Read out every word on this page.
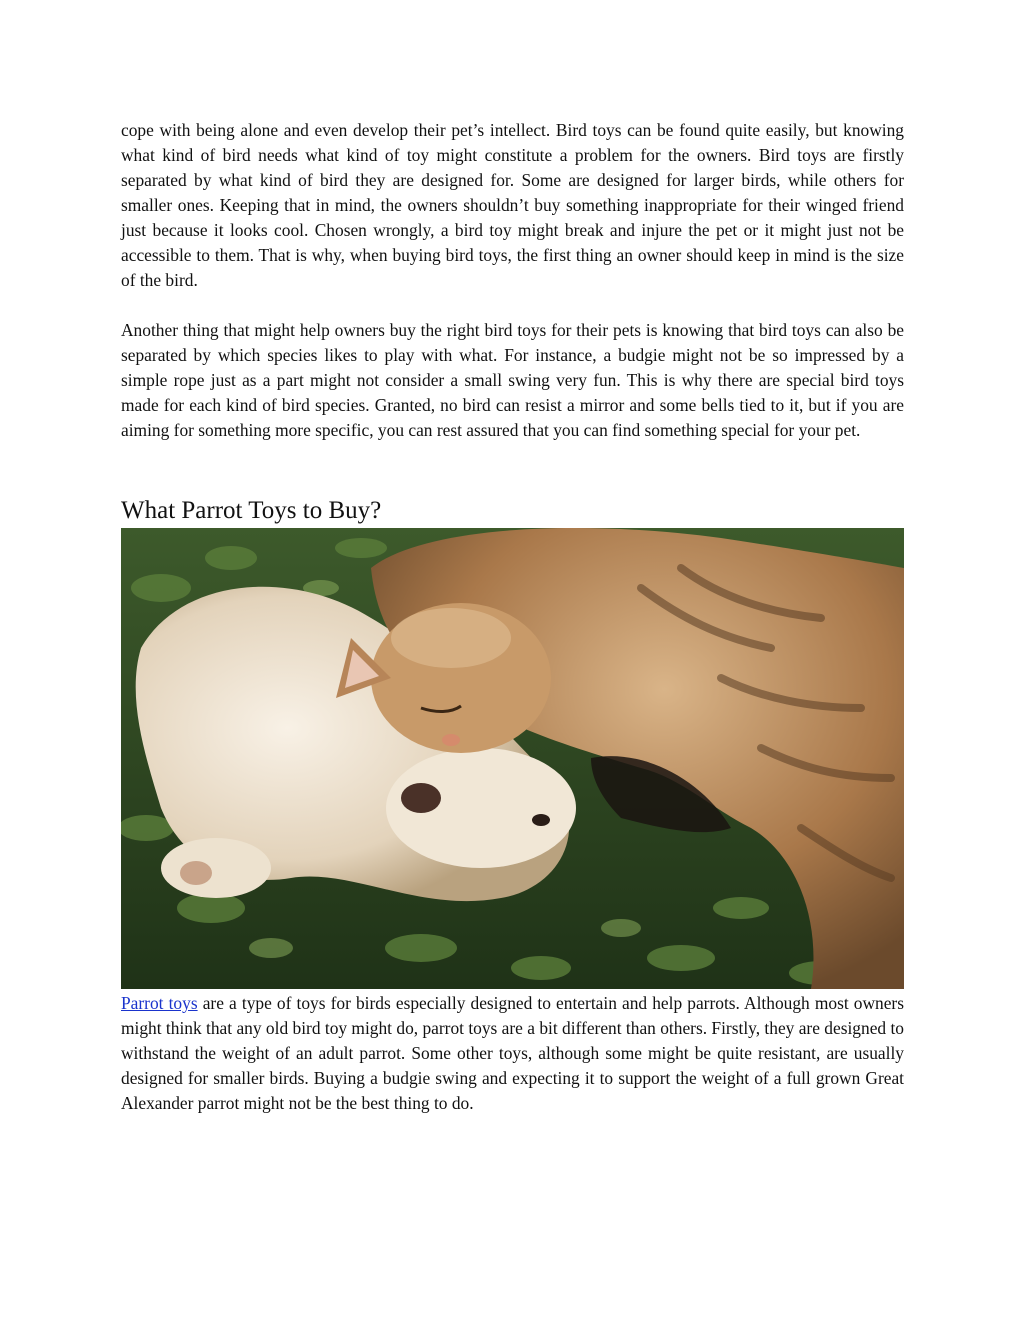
cope with being alone and even develop their pet’s intellect. Bird toys can be found quite easily, but knowing what kind of bird needs what kind of toy might constitute a problem for the owners. Bird toys are firstly separated by what kind of bird they are designed for. Some are designed for larger birds, while others for smaller ones. Keeping that in mind, the owners shouldn’t buy something inappropriate for their winged friend just because it looks cool. Chosen wrongly, a bird toy might break and injure the pet or it might just not be accessible to them. That is why, when buying bird toys, the first thing an owner should keep in mind is the size of the bird.

Another thing that might help owners buy the right bird toys for their pets is knowing that bird toys can also be separated by which species likes to play with what. For instance, a budgie might not be so impressed by a simple rope just as a part might not consider a small swing very fun. This is why there are special bird toys made for each kind of bird species. Granted, no bird can resist a mirror and some bells tied to it, but if you are aiming for something more specific, you can rest assured that you can find something special for your pet.

What Parrot Toys to Buy?

Parrot toys are a type of toys for birds especially designed to entertain and help parrots. Although most owners might think that any old bird toy might do, parrot toys are a bit different than others. Firstly, they are designed to withstand the weight of an adult parrot. Some other toys, although some might be quite resistant, are usually designed for smaller birds. Buying a budgie swing and expecting it to support the weight of a full grown Great Alexander parrot might not be the best thing to do.
